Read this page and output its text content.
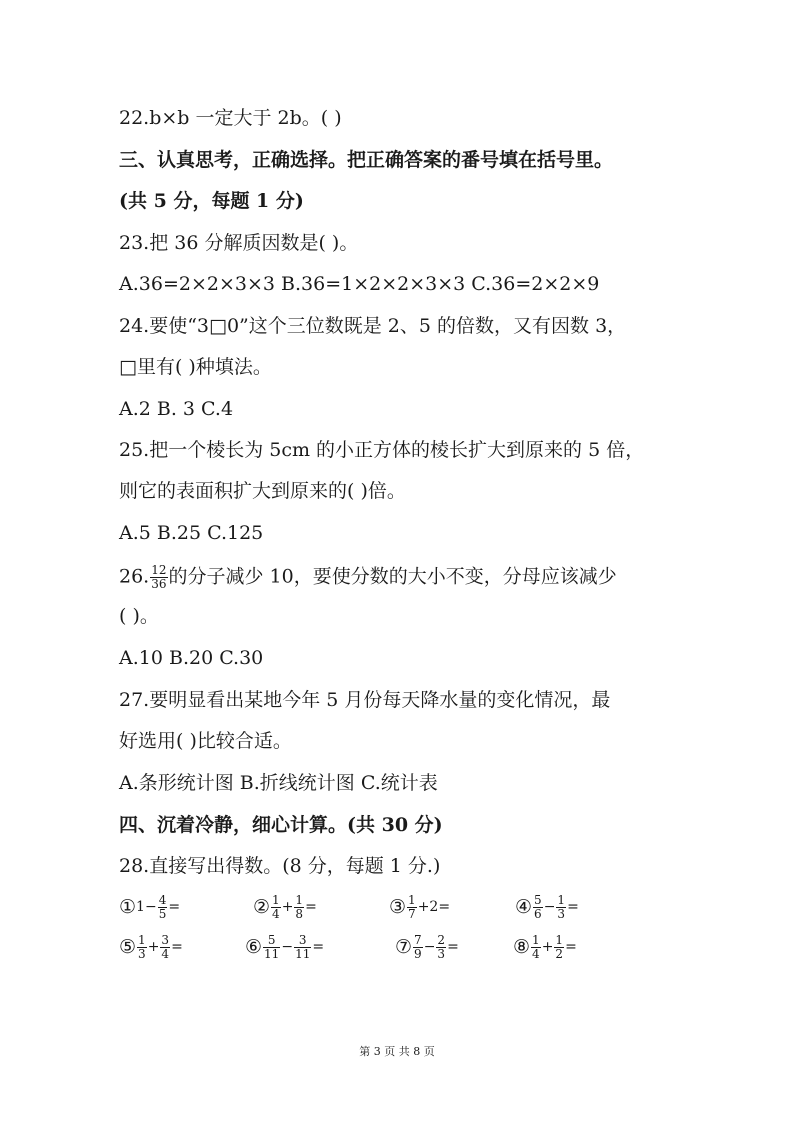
22.b×b 一定大于 2b。( )
三、认真思考，正确选择。把正确答案的番号填在括号里。
(共 5 分，每题 1 分)
23.把 36 分解质因数是( )。
A.36=2×2×3×3 B.36=1×2×2×3×3 C.36=2×2×9
24.要使“3□0”这个三位数既是 2、5 的倍数，又有因数 3，
□里有( )种填法。
A.2 B. 3 C.4
25.把一个棱长为 5cm 的小正方体的棱长扩大到原来的 5 倍，
则它的表面积扩大到原来的( )倍。
A.5 B.25 C.125
26. $\frac{12}{36}$ 的分子减少 10，要使分数的大小不变，分母应该减少
( )。
A.10 B.20 C.30
27.要明显看出某地今年 5 月份每天降水量的变化情况，最
好选用( )比较合适。
A.条形统计图 B.折线统计图 C.统计表
四、沉着冷静，细心计算。(共 30 分)
28.直接写出得数。(8 分，每题 1 分.)
①1− $\frac{4}{5}$ =	② $\frac{1}{4} + \frac{1}{8}$ =	③ $\frac{1}{7} +2=$	④ $\frac{5}{6} - \frac{1}{3}$ =
⑤ $\frac{1}{3} + \frac{3}{4}$ =	⑥ $\frac{5}{11} - \frac{3}{11}$ =	⑦ $\frac{7}{9} - \frac{2}{3}$ =	⑧ $\frac{1}{4} + \frac{1}{2}$ =
第 3 页 共 8 页
